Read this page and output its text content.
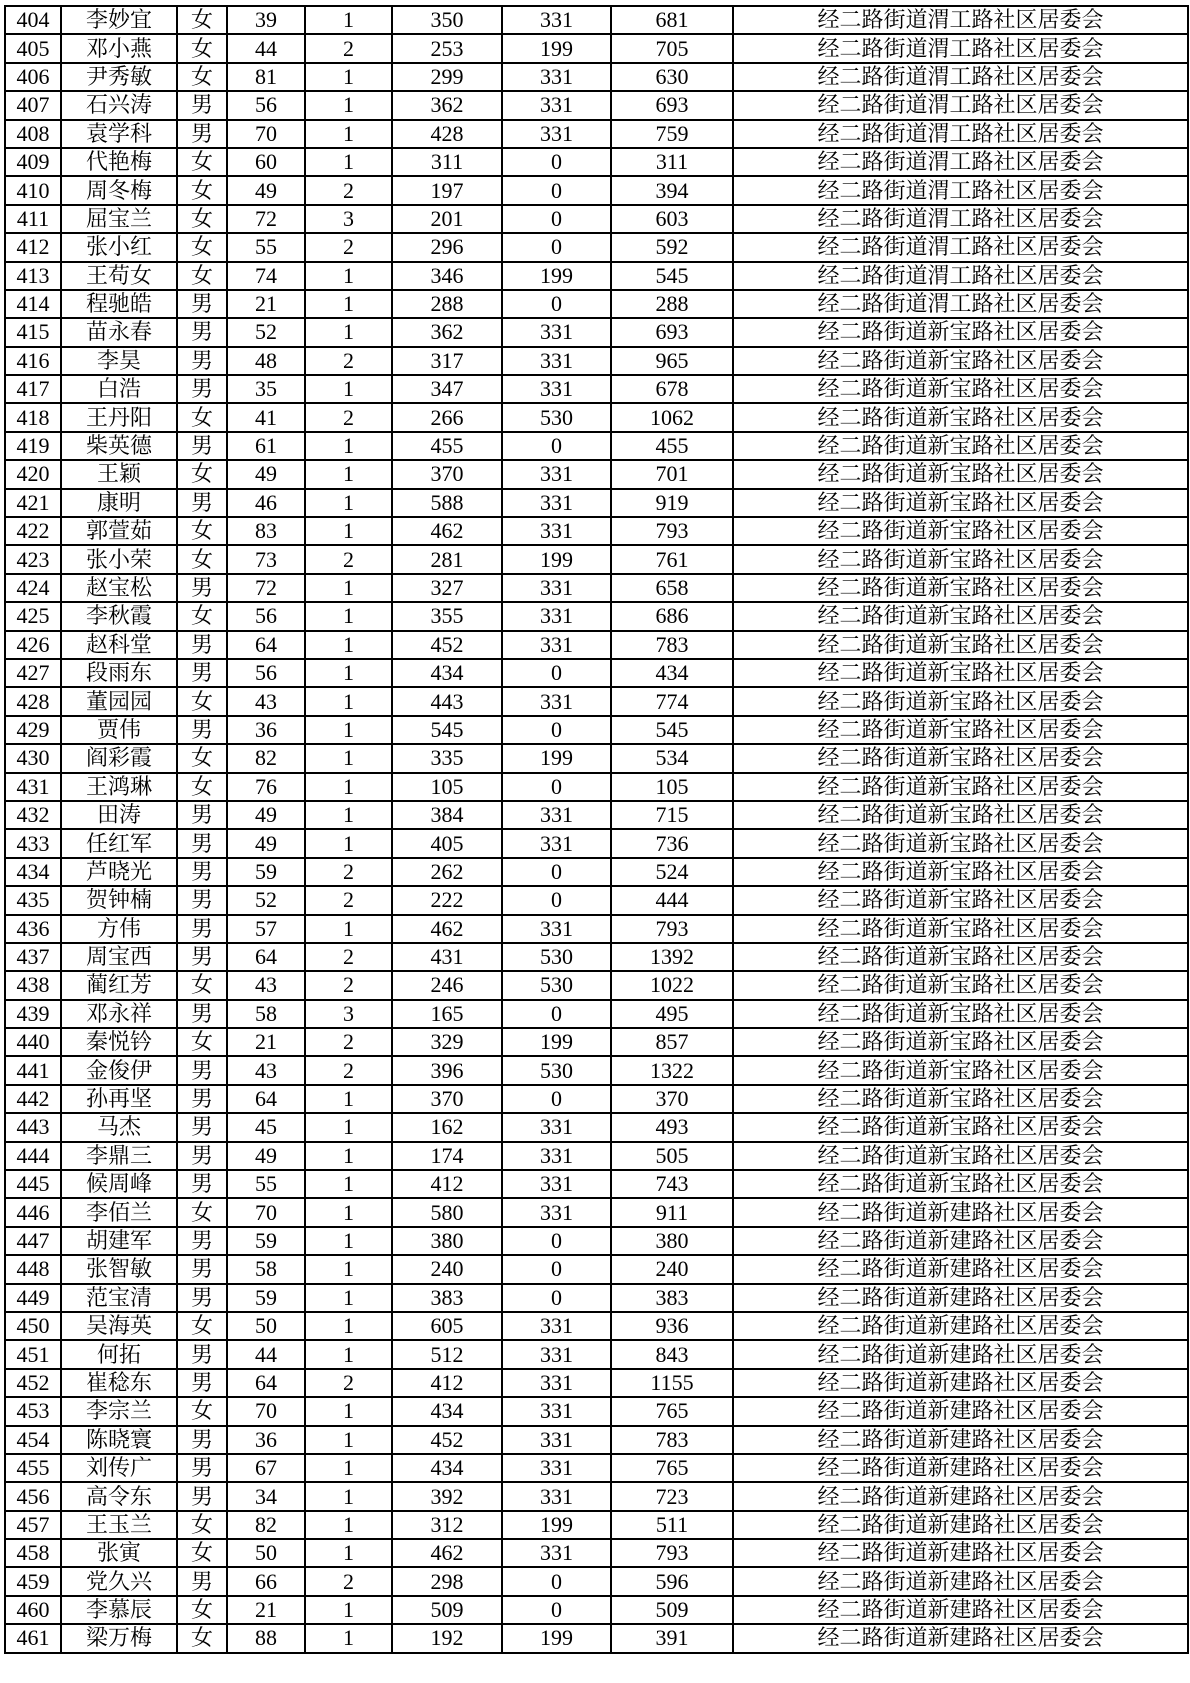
404	李妙宜	女	39	1	350	331	681	经二路街道渭工路社区居委会
405	邓小燕	女	44	2	253	199	705	经二路街道渭工路社区居委会
406	尹秀敏	女	81	1	299	331	630	经二路街道渭工路社区居委会
407	石兴涛	男	56	1	362	331	693	经二路街道渭工路社区居委会
408	袁学科	男	70	1	428	331	759	经二路街道渭工路社区居委会
409	代艳梅	女	60	1	311	0	311	经二路街道渭工路社区居委会
410	周冬梅	女	49	2	197	0	394	经二路街道渭工路社区居委会
411	屈宝兰	女	72	3	201	0	603	经二路街道渭工路社区居委会
412	张小红	女	55	2	296	0	592	经二路街道渭工路社区居委会
413	王苟女	女	74	1	346	199	545	经二路街道渭工路社区居委会
414	程驰皓	男	21	1	288	0	288	经二路街道渭工路社区居委会
415	苗永春	男	52	1	362	331	693	经二路街道新宝路社区居委会
416	李昊	男	48	2	317	331	965	经二路街道新宝路社区居委会
417	白浩	男	35	1	347	331	678	经二路街道新宝路社区居委会
418	王丹阳	女	41	2	266	530	1062	经二路街道新宝路社区居委会
419	柴英德	男	61	1	455	0	455	经二路街道新宝路社区居委会
420	王颖	女	49	1	370	331	701	经二路街道新宝路社区居委会
421	康明	男	46	1	588	331	919	经二路街道新宝路社区居委会
422	郭萱茹	女	83	1	462	331	793	经二路街道新宝路社区居委会
423	张小荣	女	73	2	281	199	761	经二路街道新宝路社区居委会
424	赵宝松	男	72	1	327	331	658	经二路街道新宝路社区居委会
425	李秋霞	女	56	1	355	331	686	经二路街道新宝路社区居委会
426	赵科堂	男	64	1	452	331	783	经二路街道新宝路社区居委会
427	段雨东	男	56	1	434	0	434	经二路街道新宝路社区居委会
428	董园园	女	43	1	443	331	774	经二路街道新宝路社区居委会
429	贾伟	男	36	1	545	0	545	经二路街道新宝路社区居委会
430	阎彩霞	女	82	1	335	199	534	经二路街道新宝路社区居委会
431	王鸿琳	女	76	1	105	0	105	经二路街道新宝路社区居委会
432	田涛	男	49	1	384	331	715	经二路街道新宝路社区居委会
433	任红军	男	49	1	405	331	736	经二路街道新宝路社区居委会
434	芦晓光	男	59	2	262	0	524	经二路街道新宝路社区居委会
435	贺钟楠	男	52	2	222	0	444	经二路街道新宝路社区居委会
436	方伟	男	57	1	462	331	793	经二路街道新宝路社区居委会
437	周宝西	男	64	2	431	530	1392	经二路街道新宝路社区居委会
438	蔺红芳	女	43	2	246	530	1022	经二路街道新宝路社区居委会
439	邓永祥	男	58	3	165	0	495	经二路街道新宝路社区居委会
440	秦悦钤	女	21	2	329	199	857	经二路街道新宝路社区居委会
441	金俊伊	男	43	2	396	530	1322	经二路街道新宝路社区居委会
442	孙再坚	男	64	1	370	0	370	经二路街道新宝路社区居委会
443	马杰	男	45	1	162	331	493	经二路街道新宝路社区居委会
444	李鼎三	男	49	1	174	331	505	经二路街道新宝路社区居委会
445	候周峰	男	55	1	412	331	743	经二路街道新宝路社区居委会
446	李佰兰	女	70	1	580	331	911	经二路街道新建路社区居委会
447	胡建军	男	59	1	380	0	380	经二路街道新建路社区居委会
448	张智敏	男	58	1	240	0	240	经二路街道新建路社区居委会
449	范宝清	男	59	1	383	0	383	经二路街道新建路社区居委会
450	吴海英	女	50	1	605	331	936	经二路街道新建路社区居委会
451	何拓	男	44	1	512	331	843	经二路街道新建路社区居委会
452	崔稔东	男	64	2	412	331	1155	经二路街道新建路社区居委会
453	李宗兰	女	70	1	434	331	765	经二路街道新建路社区居委会
454	陈晓寰	男	36	1	452	331	783	经二路街道新建路社区居委会
455	刘传广	男	67	1	434	331	765	经二路街道新建路社区居委会
456	高令东	男	34	1	392	331	723	经二路街道新建路社区居委会
457	王玉兰	女	82	1	312	199	511	经二路街道新建路社区居委会
458	张寅	女	50	1	462	331	793	经二路街道新建路社区居委会
459	党久兴	男	66	2	298	0	596	经二路街道新建路社区居委会
460	李慕辰	女	21	1	509	0	509	经二路街道新建路社区居委会
461	梁万梅	女	88	1	192	199	391	经二路街道新建路社区居委会
